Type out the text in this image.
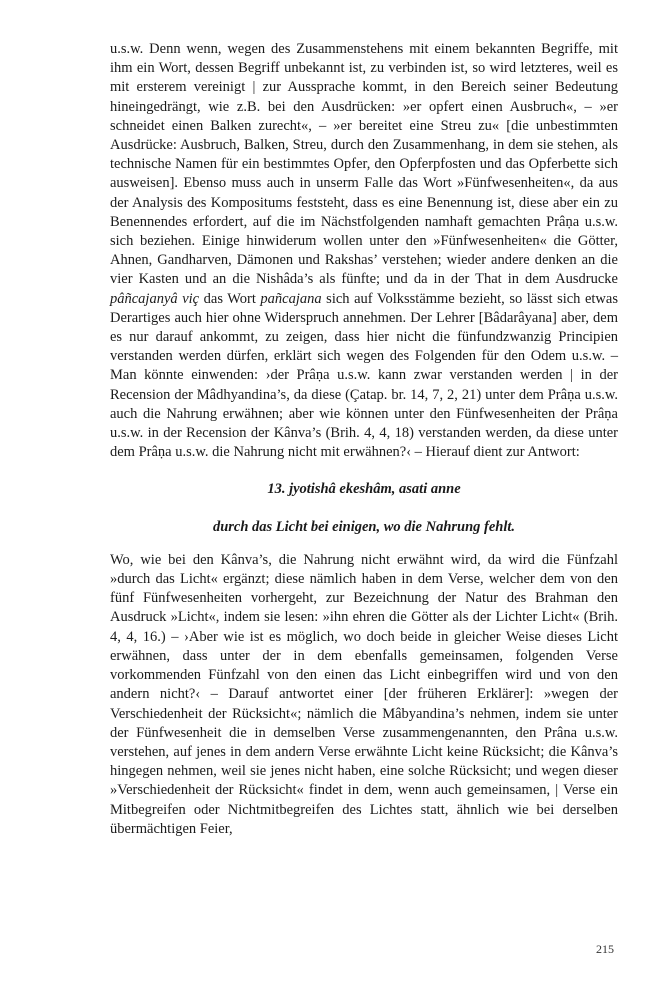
u.s.w. Denn wenn, wegen des Zusammenstehens mit einem bekannten Begriffe, mit ihm ein Wort, dessen Begriff unbekannt ist, zu verbinden ist, so wird letzteres, weil es mit ersterem vereinigt | zur Aussprache kommt, in den Bereich seiner Bedeutung hineingedrängt, wie z.B. bei den Ausdrücken: »er opfert einen Ausbruch«, – »er schneidet einen Balken zurecht«, – »er bereitet eine Streu zu« [die unbestimmten Ausdrücke: Ausbruch, Balken, Streu, durch den Zusammenhang, in dem sie stehen, als technische Namen für ein bestimmtes Opfer, den Opferpfosten und das Opferbette sich ausweisen]. Ebenso muss auch in unserm Falle das Wort »Fünfwesenheiten«, da aus der Analysis des Kompositums feststeht, dass es eine Benennung ist, diese aber ein zu Benennendes erfordert, auf die im Nächstfolgenden namhaft gemachten Prâṇa u.s.w. sich beziehen. Einige hinwiderum wollen unter den »Fünfwesenheiten« die Götter, Ahnen, Gandharven, Dämonen und Rakshas’ verstehen; wieder andere denken an die vier Kasten und an die Nishâda’s als fünfte; und da in der That in dem Ausdrucke pâñcajanyâ viç das Wort pañcajana sich auf Volksstämme bezieht, so lässt sich etwas Derartiges auch hier ohne Widerspruch annehmen. Der Lehrer [Bâdarâyana] aber, dem es nur darauf ankommt, zu zeigen, dass hier nicht die fünfundzwanzig Principien verstanden werden dürfen, erklärt sich wegen des Folgenden für den Odem u.s.w. – Man könnte einwenden: ›der Prâṇa u.s.w. kann zwar verstanden werden | in der Recension der Mâdhyandina’s, da diese (Çatap. br. 14, 7, 2, 21) unter dem Prâṇa u.s.w. auch die Nahrung erwähnen; aber wie können unter den Fünfwesenheiten der Prâṇa u.s.w. in der Recension der Kânva’s (Brih. 4, 4, 18) verstanden werden, da diese unter dem Prâṇa u.s.w. die Nahrung nicht mit erwähnen?‹ – Hierauf dient zur Antwort:

13. jyotishâ ekeshâm, asati anne

durch das Licht bei einigen, wo die Nahrung fehlt.

Wo, wie bei den Kânva’s, die Nahrung nicht erwähnt wird, da wird die Fünfzahl »durch das Licht« ergänzt; diese nämlich haben in dem Verse, welcher dem von den fünf Fünfwesenheiten vorhergeht, zur Bezeichnung der Natur des Brahman den Ausdruck »Licht«, indem sie lesen: »ihn ehren die Götter als der Lichter Licht« (Brih. 4, 4, 16.) – ›Aber wie ist es möglich, wo doch beide in gleicher Weise dieses Licht erwähnen, dass unter der in dem ebenfalls gemeinsamen, folgenden Verse vorkommenden Fünfzahl von den einen das Licht einbegriffen wird und von den andern nicht?‹ – Darauf antwortet einer [der früheren Erklärer]: »wegen der Verschiedenheit der Rücksicht«; nämlich die Mâbyandina’s nehmen, indem sie unter der Fünfwesenheit die in demselben Verse zusammengenannten, den Prâna u.s.w. verstehen, auf jenes in dem andern Verse erwähnte Licht keine Rücksicht; die Kânva’s hingegen nehmen, weil sie jenes nicht haben, eine solche Rücksicht; und wegen dieser »Verschiedenheit der Rücksicht« findet in dem, wenn auch gemeinsamen, | Verse ein Mitbegreifen oder Nichtmitbegreifen des Lichtes statt, ähnlich wie bei derselben übermächtigen Feier,

215
